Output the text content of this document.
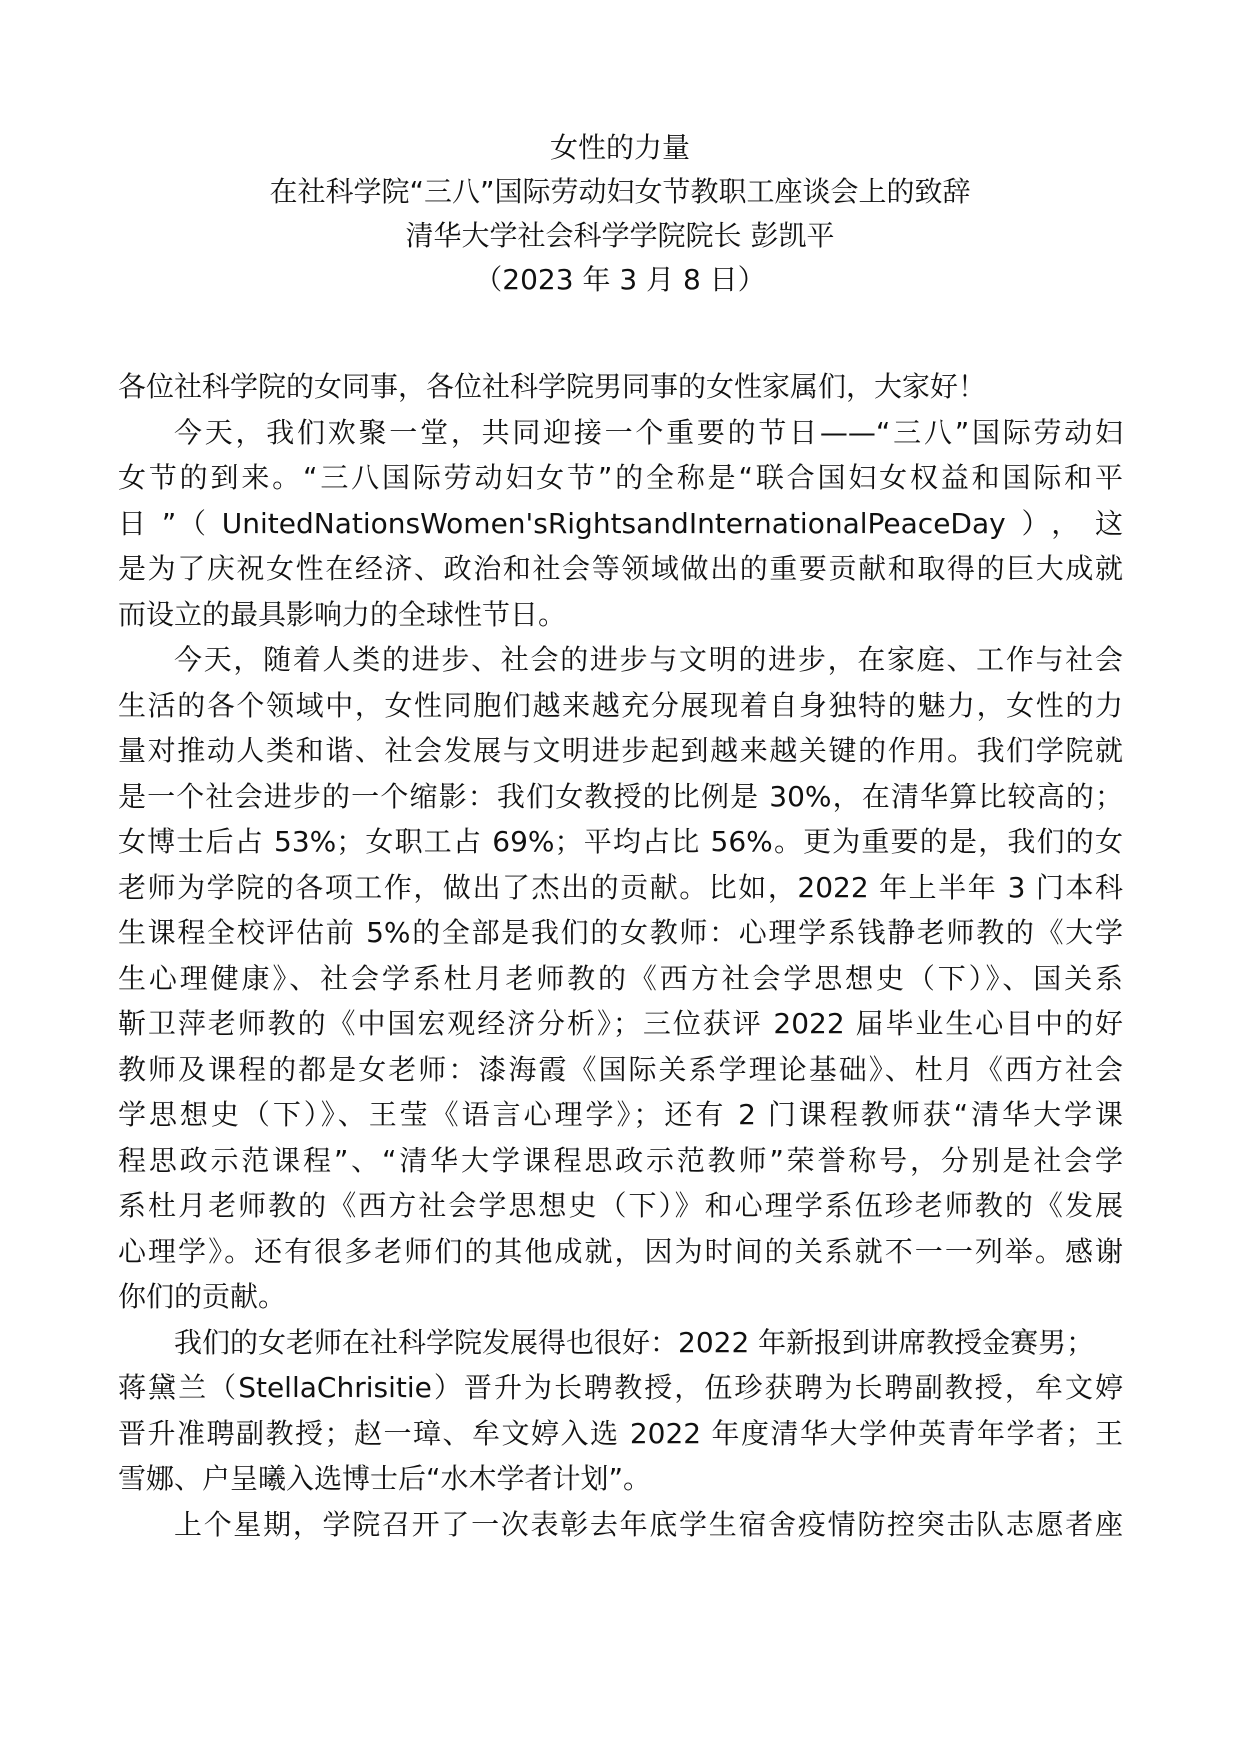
女性的力量
在社科学院“三八”国际劳动妇女节教职工座谈会上的致辞
清华大学社会科学学院院长 彭凯平
（2023 年 3 月 8 日）
各位社科学院的女同事，各位社科学院男同事的女性家属们，大家好！
今天，我们欢聚一堂，共同迎接一个重要的节日——“三八”国际劳动妇
女节的到来。“三八国际劳动妇女节”的全称是“联合国妇女权益和国际和平
日”（UnitedNationsWomen'sRightsandInternationalPeaceDay），这
是为了庆祝女性在经济、政治和社会等领域做出的重要贡献和取得的巨大成就
而设立的最具影响力的全球性节日。
今天，随着人类的进步、社会的进步与文明的进步，在家庭、工作与社会
生活的各个领域中，女性同胞们越来越充分展现着自身独特的魅力，女性的力
量对推动人类和谐、社会发展与文明进步起到越来越关键的作用。我们学院就
是一个社会进步的一个缩影：我们女教授的比例是 30%，在清华算比较高的；
女博士后占 53%；女职工占 69%；平均占比 56%。更为重要的是，我们的女
老师为学院的各项工作，做出了杰出的贡献。比如，2022 年上半年 3 门本科
生课程全校评估前 5%的全部是我们的女教师：心理学系钱静老师教的《大学
生心理健康》、社会学系杜月老师教的《西方社会学思想史（下）》、国关系
靳卫萍老师教的《中国宏观经济分析》；三位获评 2022 届毕业生心目中的好
教师及课程的都是女老师：漆海霞《国际关系学理论基础》、杜月《西方社会
学思想史（下）》、王莹《语言心理学》；还有 2 门课程教师获“清华大学课
程思政示范课程”、“清华大学课程思政示范教师”荣誉称号，分别是社会学
系杜月老师教的《西方社会学思想史（下）》和心理学系伍珍老师教的《发展
心理学》。还有很多老师们的其他成就，因为时间的关系就不一一列举。感谢
你们的贡献。
我们的女老师在社科学院发展得也很好：2022 年新报到讲席教授金赛男；
蒋黛兰（StellaChrisitie）晋升为长聘教授，伍珍获聘为长聘副教授，牟文婷
晋升准聘副教授；赵一璋、牟文婷入选 2022 年度清华大学仲英青年学者；王
雪娜、户呈曦入选博士后“水木学者计划”。
上个星期，学院召开了一次表彰去年底学生宿舍疫情防控突击队志愿者座
